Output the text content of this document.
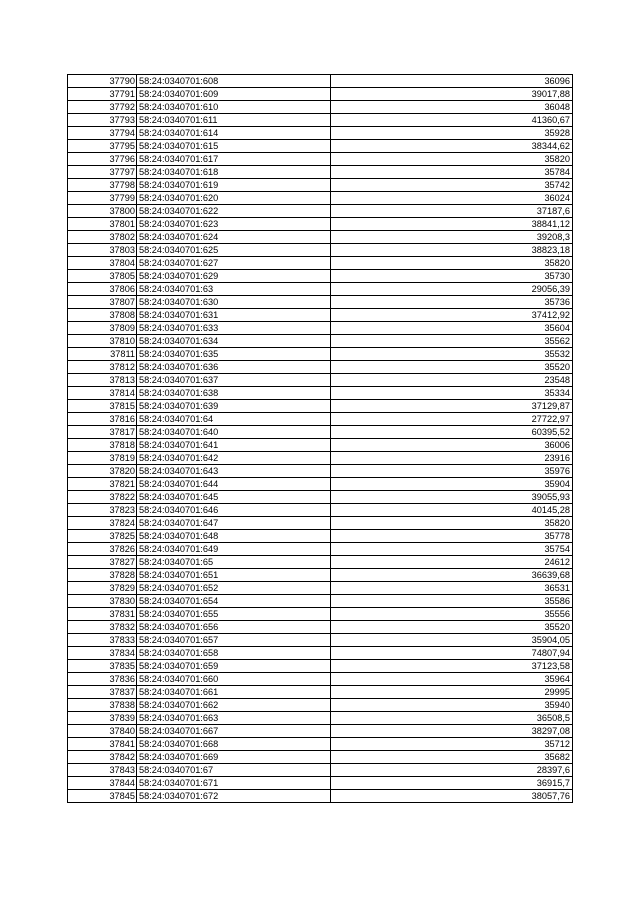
37790	58:24:0340701:608	36096
37791	58:24:0340701:609	39017,88
37792	58:24:0340701:610	36048
37793	58:24:0340701:611	41360,67
37794	58:24:0340701:614	35928
37795	58:24:0340701:615	38344,62
37796	58:24:0340701:617	35820
37797	58:24:0340701:618	35784
37798	58:24:0340701:619	35742
37799	58:24:0340701:620	36024
37800	58:24:0340701:622	37187,6
37801	58:24:0340701:623	38841,12
37802	58:24:0340701:624	39208,3
37803	58:24:0340701:625	38823,18
37804	58:24:0340701:627	35820
37805	58:24:0340701:629	35730
37806	58:24:0340701:63	29056,39
37807	58:24:0340701:630	35736
37808	58:24:0340701:631	37412,92
37809	58:24:0340701:633	35604
37810	58:24:0340701:634	35562
37811	58:24:0340701:635	35532
37812	58:24:0340701:636	35520
37813	58:24:0340701:637	23548
37814	58:24:0340701:638	35334
37815	58:24:0340701:639	37129,87
37816	58:24:0340701:64	27722,97
37817	58:24:0340701:640	60395,52
37818	58:24:0340701:641	36006
37819	58:24:0340701:642	23916
37820	58:24:0340701:643	35976
37821	58:24:0340701:644	35904
37822	58:24:0340701:645	39055,93
37823	58:24:0340701:646	40145,28
37824	58:24:0340701:647	35820
37825	58:24:0340701:648	35778
37826	58:24:0340701:649	35754
37827	58:24:0340701:65	24612
37828	58:24:0340701:651	36639,68
37829	58:24:0340701:652	36531
37830	58:24:0340701:654	35586
37831	58:24:0340701:655	35556
37832	58:24:0340701:656	35520
37833	58:24:0340701:657	35904,05
37834	58:24:0340701:658	74807,94
37835	58:24:0340701:659	37123,58
37836	58:24:0340701:660	35964
37837	58:24:0340701:661	29995
37838	58:24:0340701:662	35940
37839	58:24:0340701:663	36508,5
37840	58:24:0340701:667	38297,08
37841	58:24:0340701:668	35712
37842	58:24:0340701:669	35682
37843	58:24:0340701:67	28397,6
37844	58:24:0340701:671	36915,7
37845	58:24:0340701:672	38057,76
